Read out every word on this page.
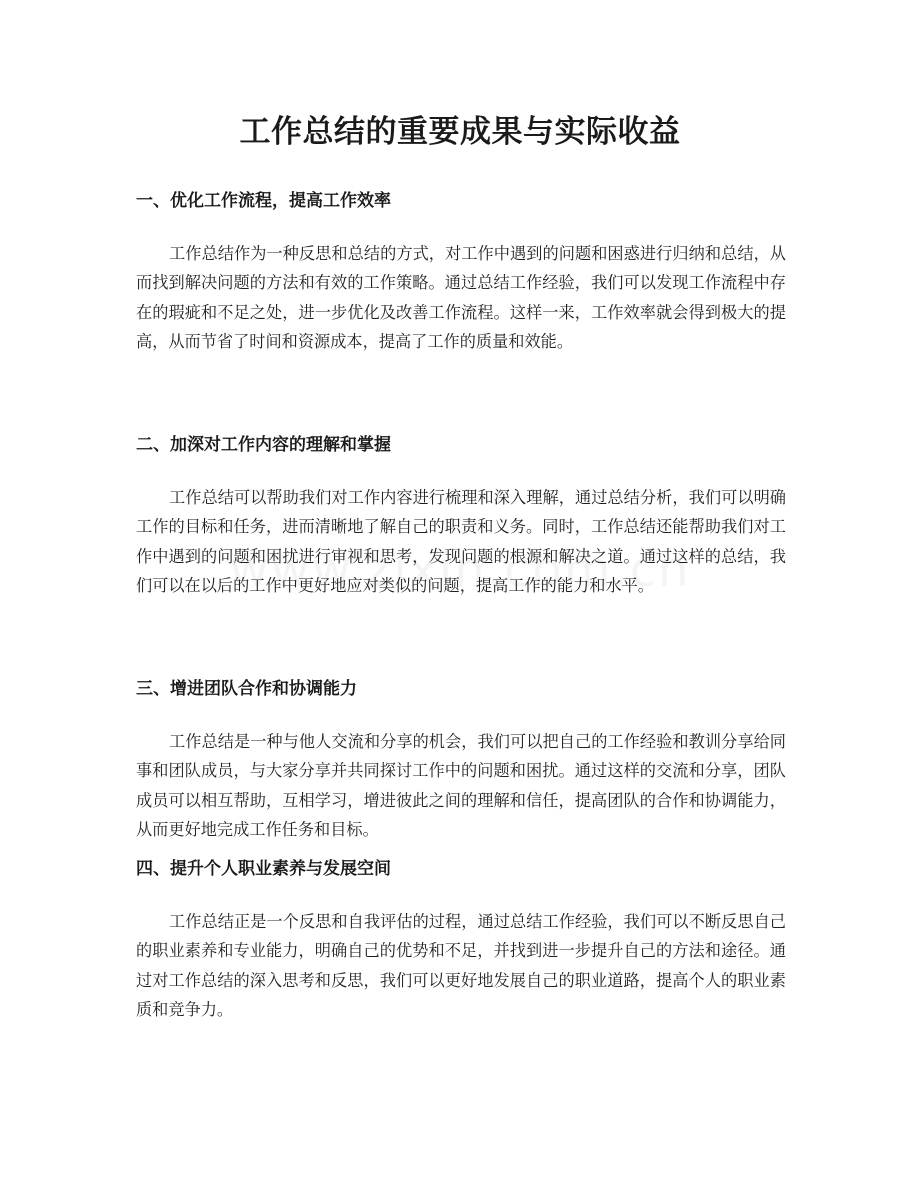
工作总结的重要成果与实际收益
一、优化工作流程，提高工作效率

工作总结作为一种反思和总结的方式，对工作中遇到的问题和困惑进行归纳和总结，从而找到解决问题的方法和有效的工作策略。通过总结工作经验，我们可以发现工作流程中存在的瑕疵和不足之处，进一步优化及改善工作流程。这样一来，工作效率就会得到极大的提高，从而节省了时间和资源成本，提高了工作的质量和效能。

二、加深对工作内容的理解和掌握

工作总结可以帮助我们对工作内容进行梳理和深入理解，通过总结分析，我们可以明确工作的目标和任务，进而清晰地了解自己的职责和义务。同时，工作总结还能帮助我们对工作中遇到的问题和困扰进行审视和思考，发现问题的根源和解决之道。通过这样的总结，我们可以在以后的工作中更好地应对类似的问题，提高工作的能力和水平。

三、增进团队合作和协调能力

工作总结是一种与他人交流和分享的机会，我们可以把自己的工作经验和教训分享给同事和团队成员，与大家分享并共同探讨工作中的问题和困扰。通过这样的交流和分享，团队成员可以相互帮助，互相学习，增进彼此之间的理解和信任，提高团队的合作和协调能力，从而更好地完成工作任务和目标。

四、提升个人职业素养与发展空间

工作总结正是一个反思和自我评估的过程，通过总结工作经验，我们可以不断反思自己的职业素养和专业能力，明确自己的优势和不足，并找到进一步提升自己的方法和途径。通过对工作总结的深入思考和反思，我们可以更好地发展自己的职业道路，提高个人的职业素质和竞争力。
